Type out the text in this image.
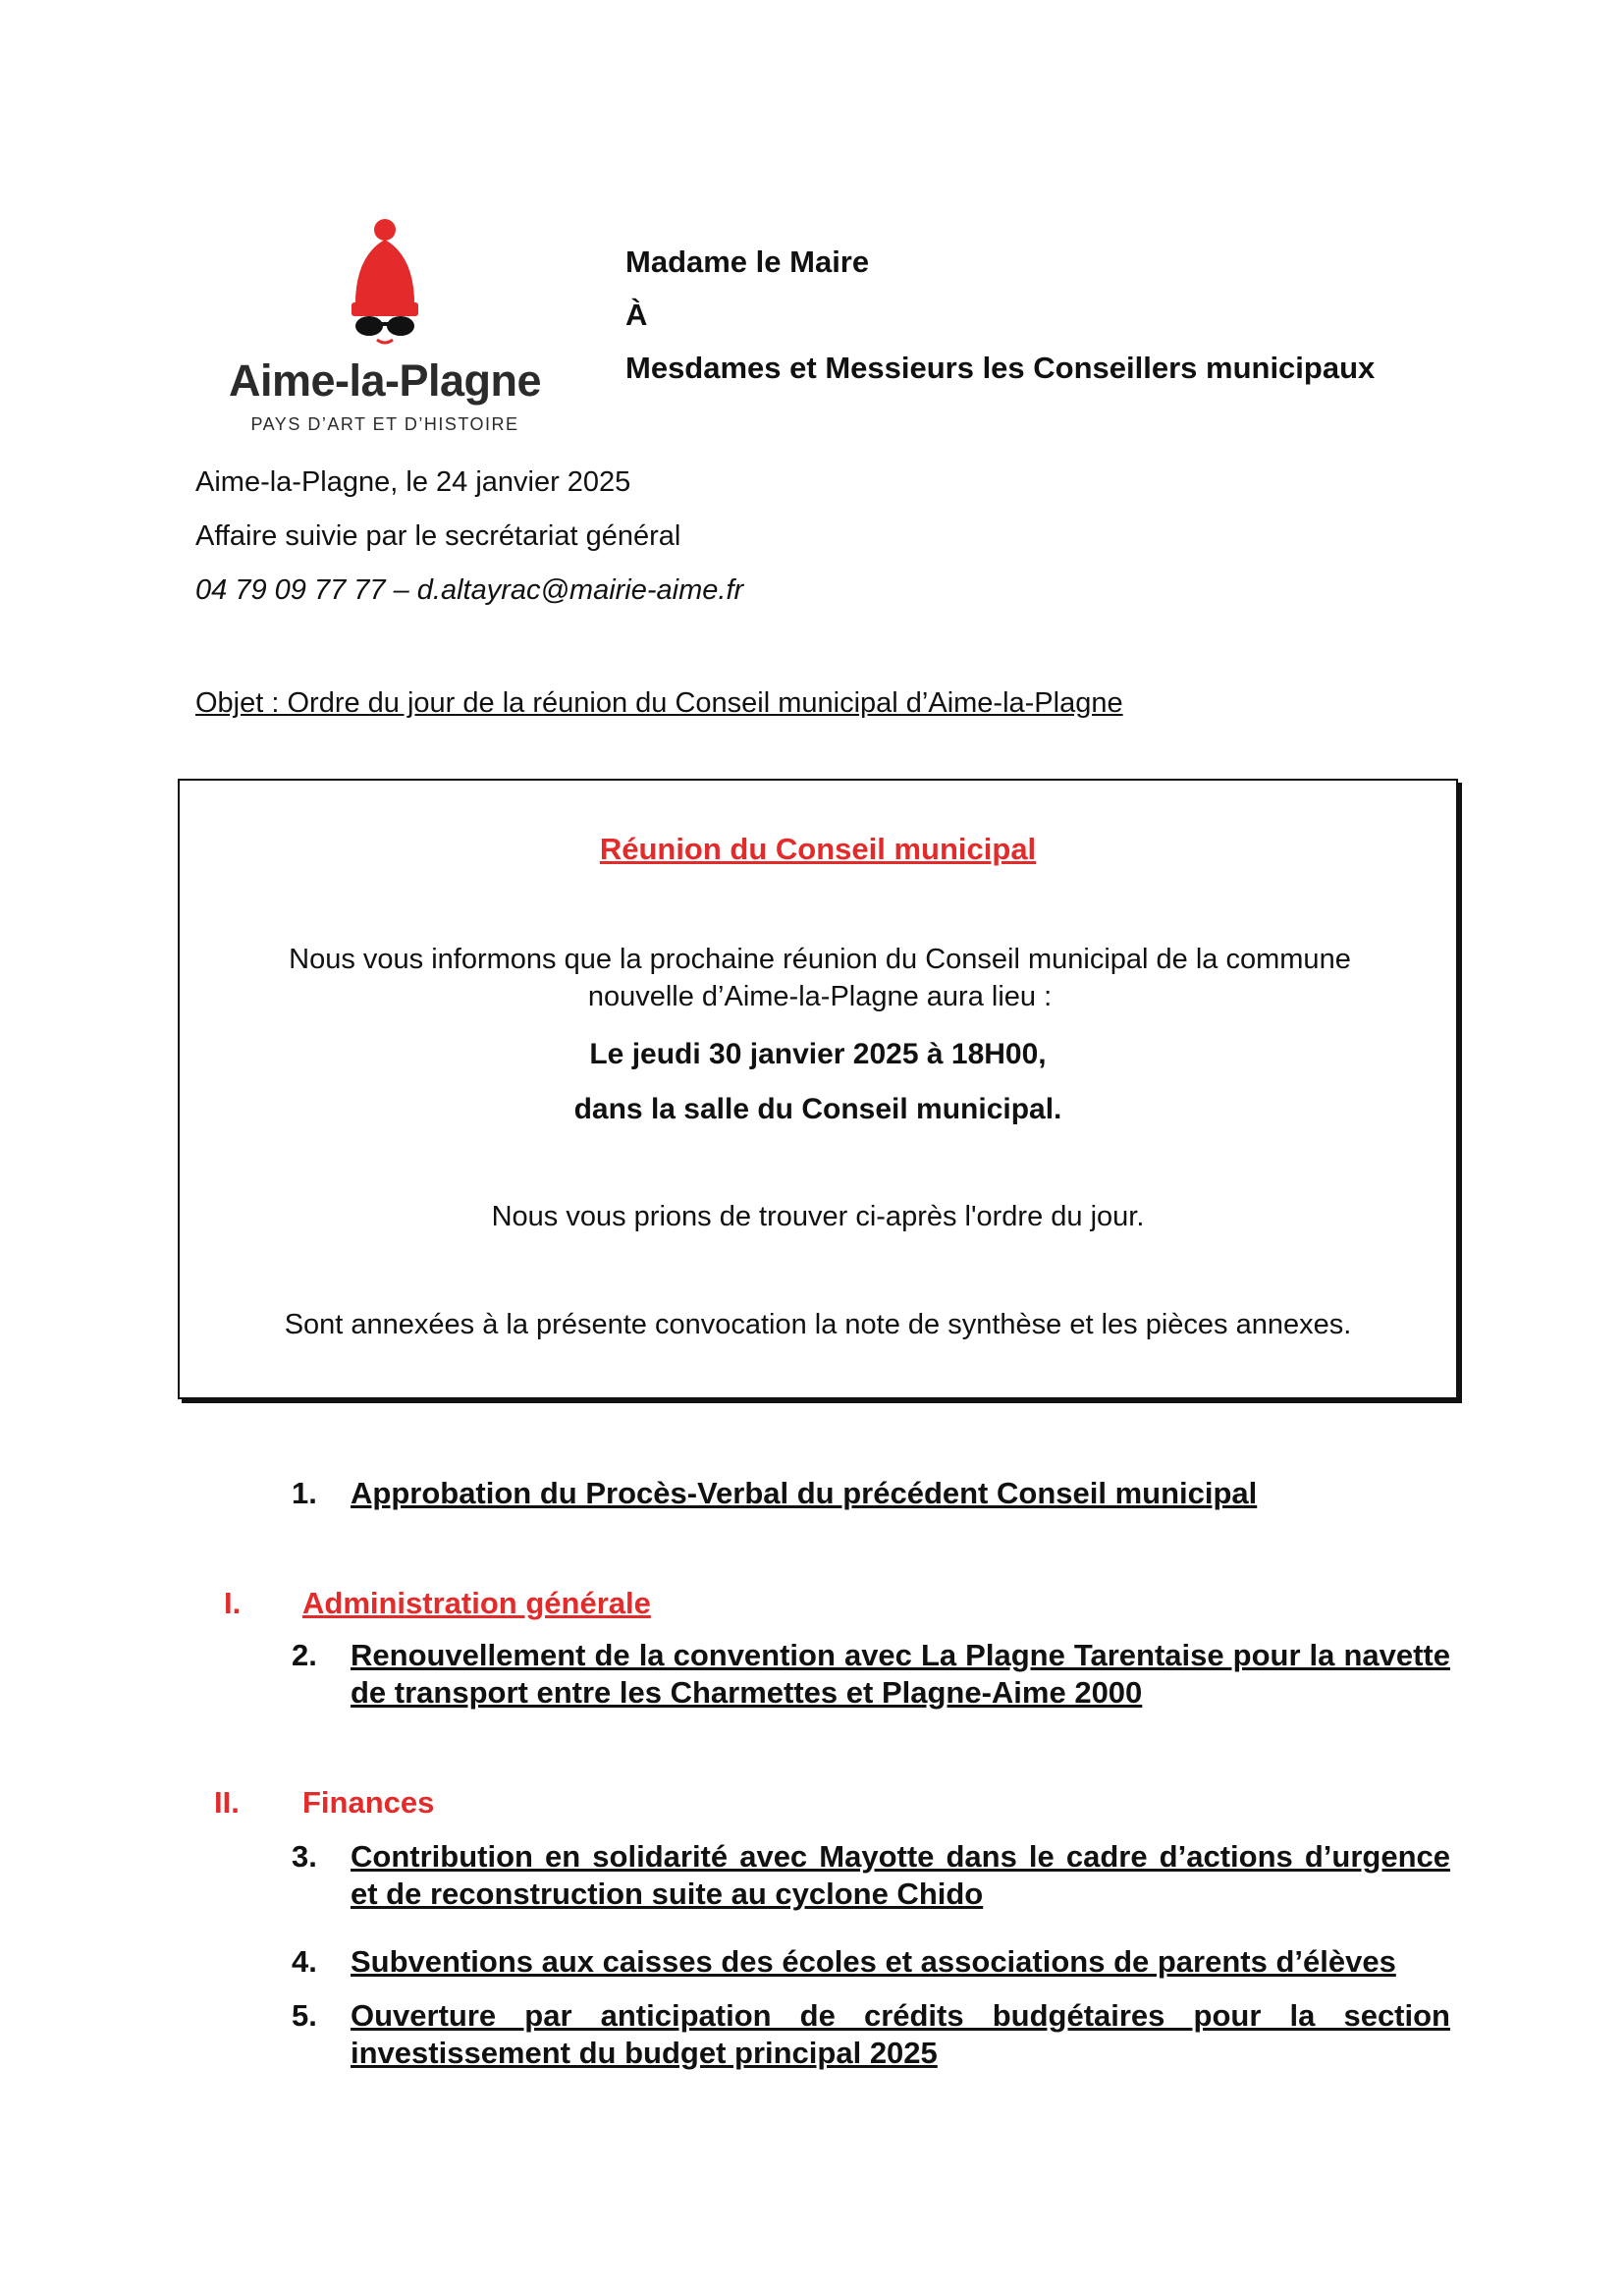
Aime-la-Plagne
PAYS D’ART ET D’HISTOIRE
Madame le Maire
À
Mesdames et Messieurs les Conseillers municipaux
Aime-la-Plagne, le 24 janvier 2025
Affaire suivie par le secrétariat général
04 79 09 77 77 – d.altayrac@mairie-aime.fr
Objet : Ordre du jour de la réunion du Conseil municipal d’Aime-la-Plagne
Réunion du Conseil municipal
Nous vous informons que la prochaine réunion du Conseil municipal de la commune nouvelle d’Aime-la-Plagne aura lieu :
Le jeudi 30 janvier 2025 à 18H00,
dans la salle du Conseil municipal.
Nous vous prions de trouver ci-après l'ordre du jour.
Sont annexées à la présente convocation la note de synthèse et les pièces annexes.
1. Approbation du Procès-Verbal du précédent Conseil municipal
I. Administration générale
2. Renouvellement de la convention avec La Plagne Tarentaise pour la navette de transport entre les Charmettes et Plagne-Aime 2000
II. Finances
3. Contribution en solidarité avec Mayotte dans le cadre d’actions d’urgence et de reconstruction suite au cyclone Chido
4. Subventions aux caisses des écoles et associations de parents d’élèves
5. Ouverture par anticipation de crédits budgétaires pour la section investissement du budget principal 2025
